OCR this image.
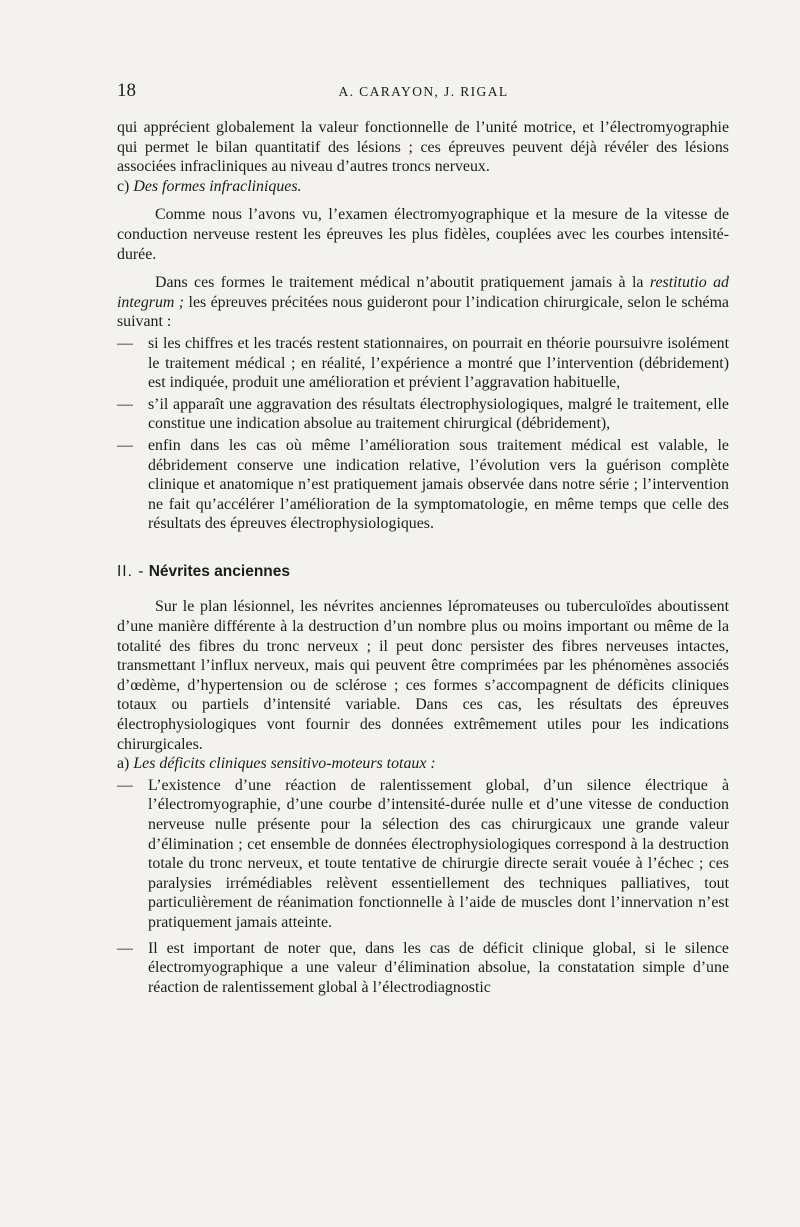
18	A. CARAYON, J. RIGAL

qui apprécient globalement la valeur fonctionnelle de l’unité motrice, et l’électromyographie qui permet le bilan quantitatif des lésions ; ces épreuves peuvent déjà révéler des lésions associées infracliniques au niveau d’autres troncs nerveux.

c) Des formes infracliniques.

Comme nous l’avons vu, l’examen électromyographique et la mesure de la vitesse de conduction nerveuse restent les épreuves les plus fidèles, couplées avec les courbes intensité-durée.

Dans ces formes le traitement médical n’aboutit pratiquement jamais à la restitutio ad integrum ; les épreuves précitées nous guideront pour l’indication chirurgicale, selon le schéma suivant :

— si les chiffres et les tracés restent stationnaires, on pourrait en théorie poursuivre isolément le traitement médical ; en réalité, l’expérience a montré que l’intervention (débridement) est indiquée, produit une amélioration et prévient l’aggravation habituelle,

— s’il apparaît une aggravation des résultats électrophysiologiques, malgré le traitement, elle constitue une indication absolue au traitement chirurgical (débridement),

— enfin dans les cas où même l’amélioration sous traitement médical est valable, le débridement conserve une indication relative, l’évolution vers la guérison complète clinique et anatomique n’est pratiquement jamais observée dans notre série ; l’intervention ne fait qu’accélérer l’amélioration de la symptomatologie, en même temps que celle des résultats des épreuves électrophysiologiques.

II. - Névrites anciennes

Sur le plan lésionnel, les névrites anciennes lépromateuses ou tuberculoïdes aboutissent d’une manière différente à la destruction d’un nombre plus ou moins important ou même de la totalité des fibres du tronc nerveux ; il peut donc persister des fibres nerveuses intactes, transmettant l’influx nerveux, mais qui peuvent être comprimées par les phénomènes associés d’œdème, d’hypertension ou de sclérose ; ces formes s’accompagnent de déficits cliniques totaux ou partiels d’intensité variable. Dans ces cas, les résultats des épreuves électrophysiologiques vont fournir des données extrêmement utiles pour les indications chirurgicales.

a) Les déficits cliniques sensitivo-moteurs totaux :

— L’existence d’une réaction de ralentissement global, d’un silence électrique à l’électromyographie, d’une courbe d’intensité-durée nulle et d’une vitesse de conduction nerveuse nulle présente pour la sélection des cas chirurgicaux une grande valeur d’élimination ; cet ensemble de données électrophysiologiques correspond à la destruction totale du tronc nerveux, et toute tentative de chirurgie directe serait vouée à l’échec ; ces paralysies irrémédiables relèvent essentiellement des techniques palliatives, tout particulièrement de réanimation fonctionnelle à l’aide de muscles dont l’innervation n’est pratiquement jamais atteinte.

— Il est important de noter que, dans les cas de déficit clinique global, si le silence électromyographique a une valeur d’élimination absolue, la constatation simple d’une réaction de ralentissement global à l’électrodiagnostic
